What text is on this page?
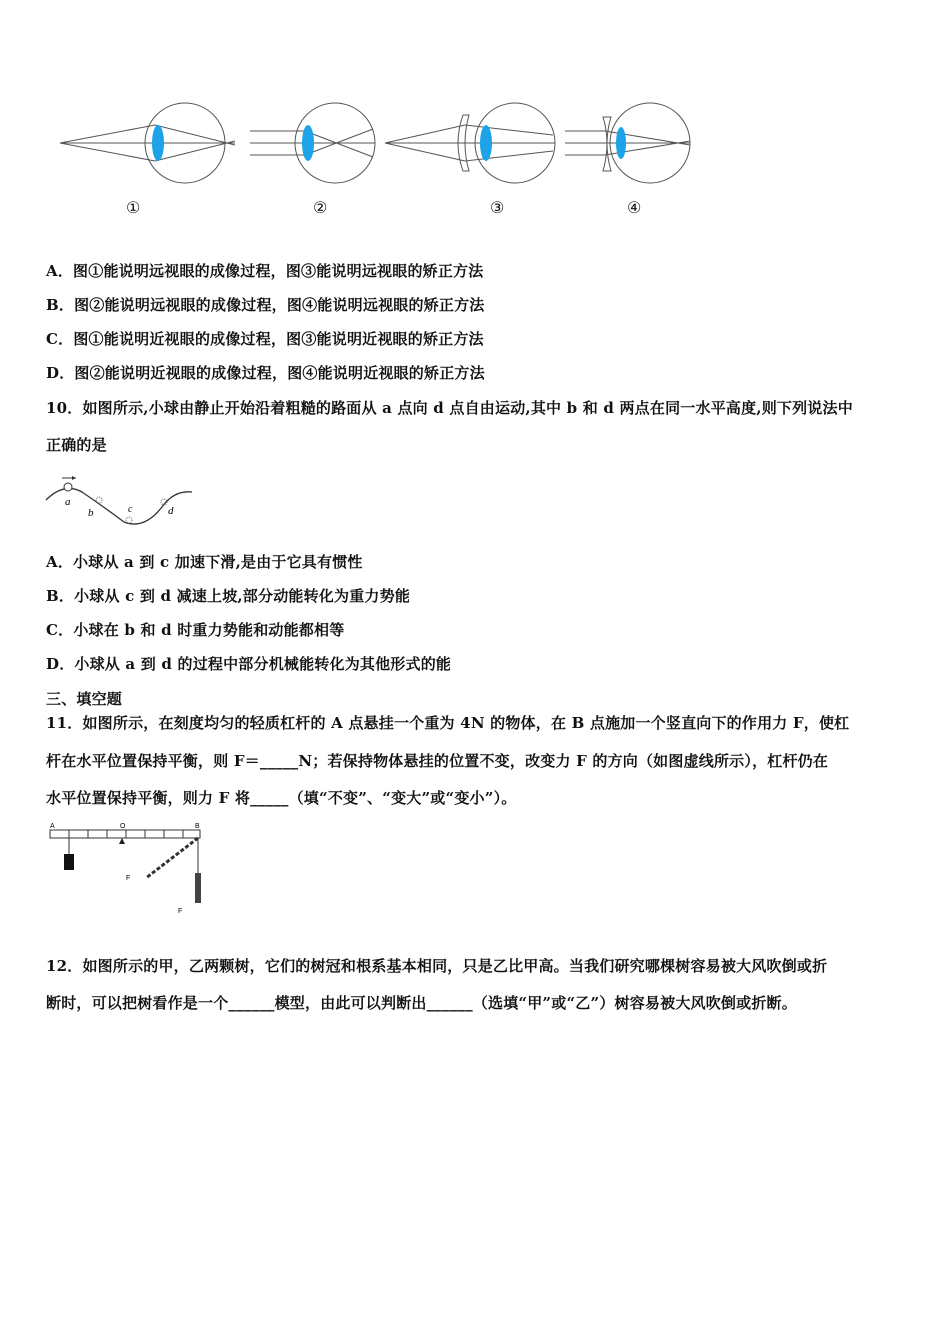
①	②	③	④
A．图①能说明远视眼的成像过程，图③能说明远视眼的矫正方法
B．图②能说明远视眼的成像过程，图④能说明远视眼的矫正方法
C．图①能说明近视眼的成像过程，图③能说明近视眼的矫正方法
D．图②能说明近视眼的成像过程，图④能说明近视眼的矫正方法
10．如图所示,小球由静止开始沿着粗糙的路面从 a 点向 d 点自由运动,其中 b 和 d 两点在同一水平高度,则下列说法中
正确的是
a
b	c	d
A．小球从 a 到 c 加速下滑,是由于它具有惯性
B．小球从 c 到 d 减速上坡,部分动能转化为重力势能
C．小球在 b 和 d 时重力势能和动能都相等
D．小球从 a 到 d 的过程中部分机械能转化为其他形式的能
三、填空题
11．如图所示，在刻度均匀的轻质杠杆的 A 点悬挂一个重为 4N 的物体，在 B 点施加一个竖直向下的作用力 F，使杠
杆在水平位置保持平衡，则 F＝_____N；若保持物体悬挂的位置不变，改变力 F 的方向（如图虚线所示），杠杆仍在
水平位置保持平衡，则力 F 将_____（填“不变”、“变大”或“变小”）。
A	O	B
F
F
12．如图所示的甲，乙两颗树，它们的树冠和根系基本相同，只是乙比甲高。当我们研究哪棵树容易被大风吹倒或折
断时，可以把树看作是一个______模型，由此可以判断出______（选填“甲”或“乙”）树容易被大风吹倒或折断。
